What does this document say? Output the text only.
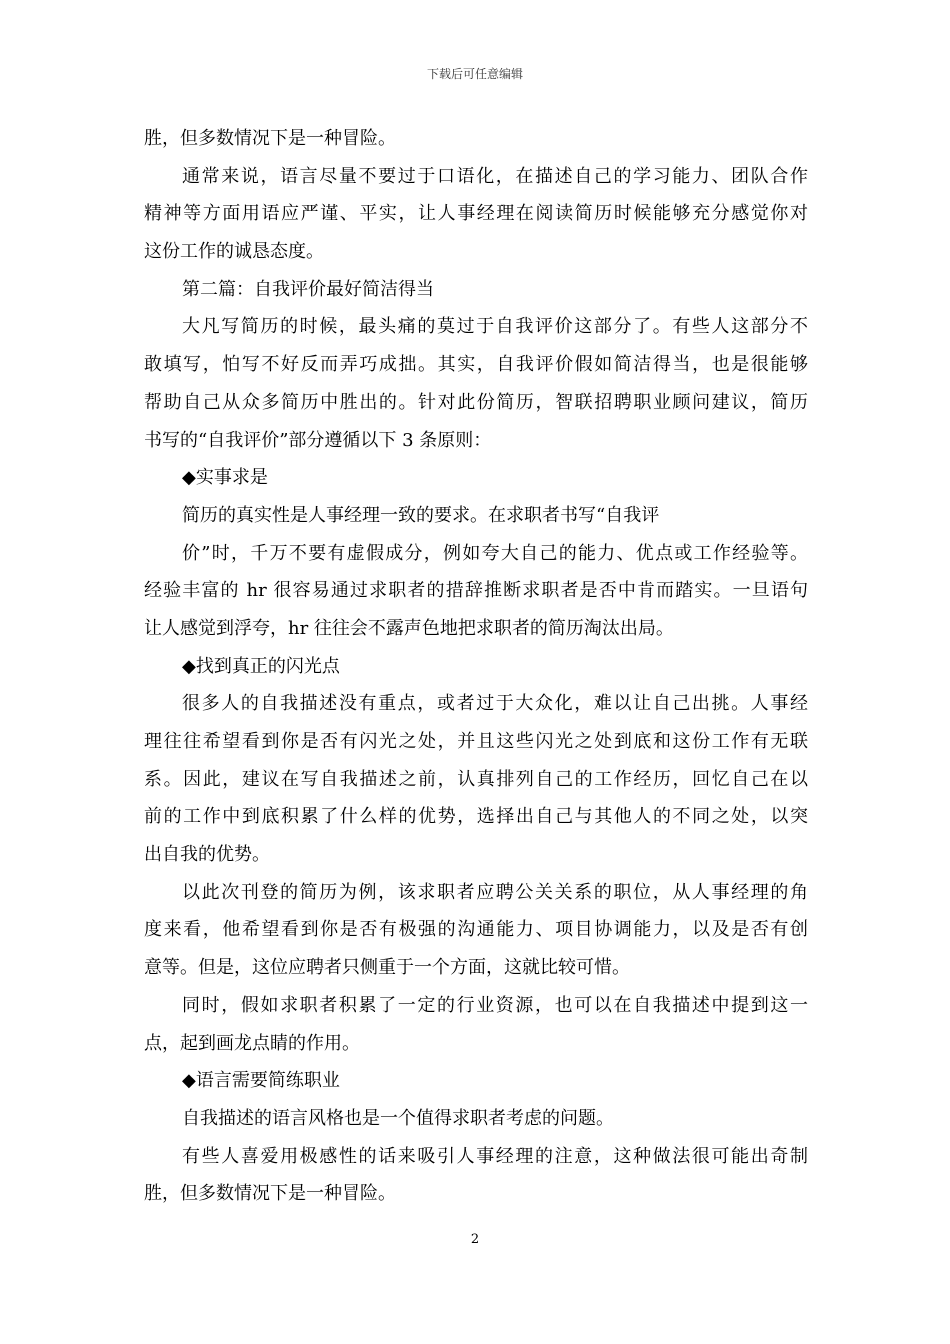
下载后可任意编辑
胜，但多数情况下是一种冒险。
通常来说，语言尽量不要过于口语化，在描述自己的学习能力、团队合作
精神等方面用语应严谨、平实，让人事经理在阅读简历时候能够充分感觉你对
这份工作的诚恳态度。
第二篇：自我评价最好简洁得当
大凡写简历的时候，最头痛的莫过于自我评价这部分了。有些人这部分不
敢填写，怕写不好反而弄巧成拙。其实，自我评价假如简洁得当，也是很能够
帮助自己从众多简历中胜出的。针对此份简历，智联招聘职业顾问建议，简历
书写的“自我评价”部分遵循以下 3 条原则：
◆实事求是
简历的真实性是人事经理一致的要求。在求职者书写“自我评
价”时，千万不要有虚假成分，例如夸大自己的能力、优点或工作经验等。
经验丰富的 hr 很容易通过求职者的措辞推断求职者是否中肯而踏实。一旦语句
让人感觉到浮夸，hr 往往会不露声色地把求职者的简历淘汰出局。
◆找到真正的闪光点
很多人的自我描述没有重点，或者过于大众化，难以让自己出挑。人事经
理往往希望看到你是否有闪光之处，并且这些闪光之处到底和这份工作有无联
系。因此，建议在写自我描述之前，认真排列自己的工作经历，回忆自己在以
前的工作中到底积累了什么样的优势，选择出自己与其他人的不同之处，以突
出自我的优势。
以此次刊登的简历为例，该求职者应聘公关关系的职位，从人事经理的角
度来看，他希望看到你是否有极强的沟通能力、项目协调能力，以及是否有创
意等。但是，这位应聘者只侧重于一个方面，这就比较可惜。
同时，假如求职者积累了一定的行业资源，也可以在自我描述中提到这一
点，起到画龙点睛的作用。
◆语言需要简练职业
自我描述的语言风格也是一个值得求职者考虑的问题。
有些人喜爱用极感性的话来吸引人事经理的注意，这种做法很可能出奇制
胜，但多数情况下是一种冒险。
2
